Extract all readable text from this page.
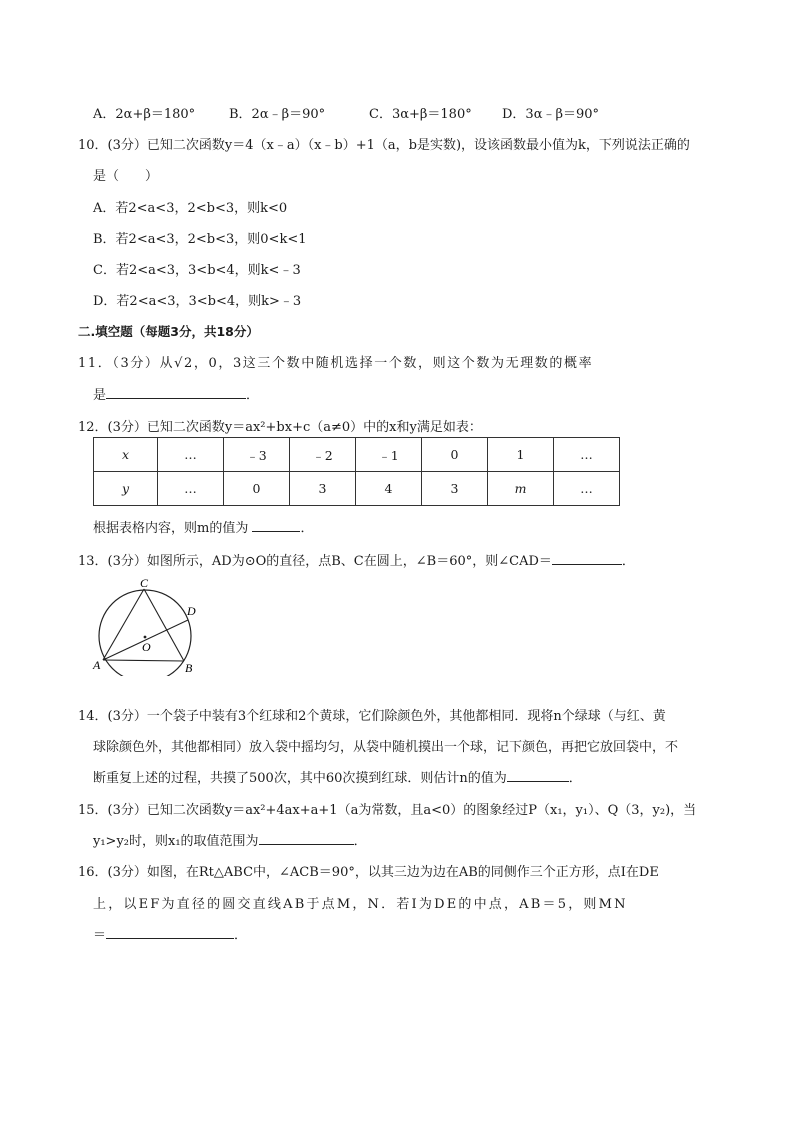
A．2α+β＝180°	B．2α﹣β＝90°	C．3α+β＝180° D．3α﹣β＝90°
10．(3分）已知二次函数y＝4（x﹣a）（x﹣b）+1（a，b是实数)，设该函数最小值为k，下列说法正确的
是（　　）
A．若2<a<3，2<b<3，则k<0
B．若2<a<3，2<b<3，则0<k<1
C．若2<a<3，3<b<4，则k<﹣3
D．若2<a<3，3<b<4，则k>﹣3
二.填空题（每题3分，共18分）
11．（3分）从√2，0，3这三个数中随机选择一个数，则这个数为无理数的概率
是	．
12．(3分）已知二次函数y＝ax²+bx+c（a≠0）中的x和y满足如表：
x	…	﹣3	﹣2	﹣1	0	1	…
y	…	0	3	4	3	m	…
根据表格内容，则m的值为	．
13．(3分）如图所示，AD为⊙O的直径，点B、C在圆上，∠B＝60°，则∠CAD＝	．
C
D
O
A	B
14．(3分）一个袋子中装有3个红球和2个黄球，它们除颜色外，其他都相同．现将n个绿球（与红、黄
球除颜色外，其他都相同）放入袋中摇均匀，从袋中随机摸出一个球，记下颜色，再把它放回袋中，不
断重复上述的过程，共摸了500次，其中60次摸到红球．则估计n的值为	．
15．(3分）已知二次函数y＝ax²+4ax+a+1（a为常数，且a<0）的图象经过P（x₁，y₁）、Q（3，y₂)，当
y₁>y₂时，则x₁的取值范围为	．
16．(3分）如图，在Rt△ABC中，∠ACB＝90°，以其三边为边在AB的同侧作三个正方形，点I在DE
上，以EF为直径的圆交直线AB于点M，N．若I为DE的中点，AB＝5，则MN
＝	．
